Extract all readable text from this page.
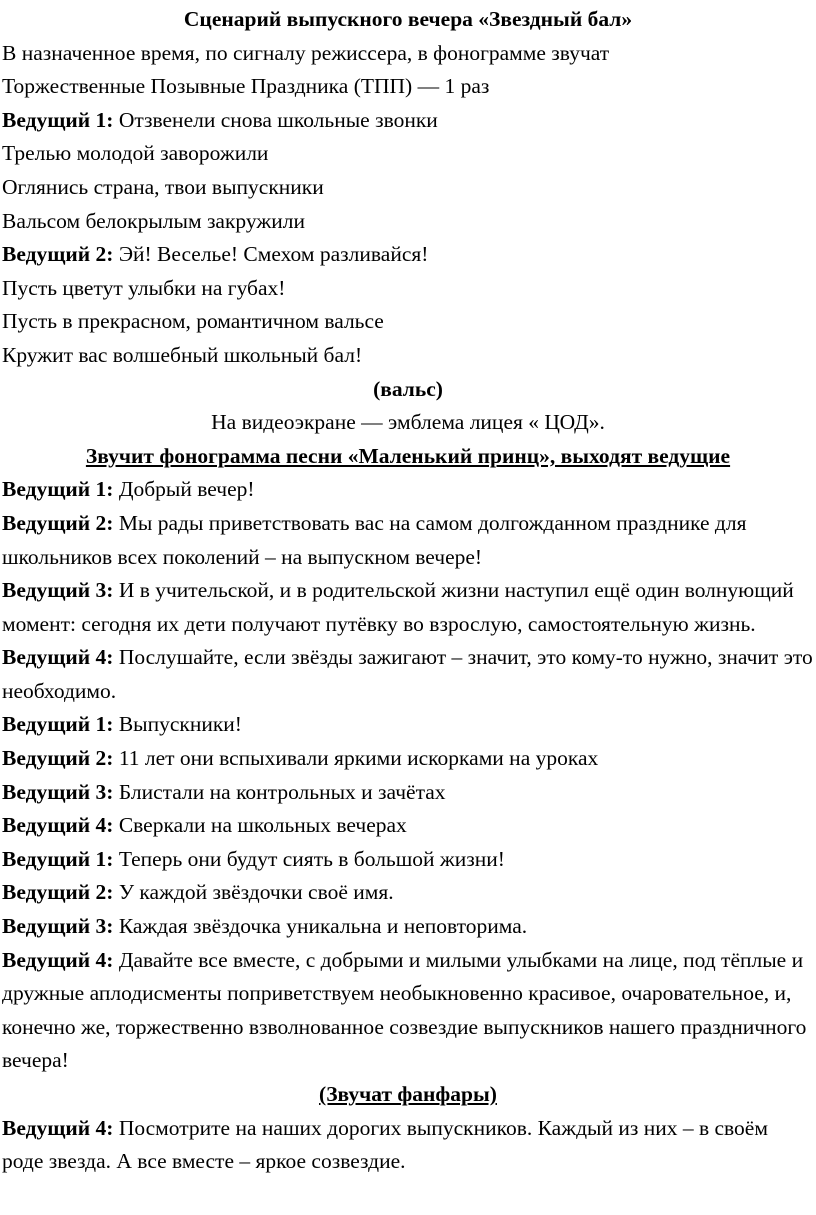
Сценарий выпускного вечера «Звездный бал»
В назначенное время, по сигналу режиссера, в фонограмме звучат
Торжественные Позывные Праздника (ТПП) — 1 раз
Ведущий 1: Отзвенели снова школьные звонки
Трелью молодой заворожили
Оглянись страна, твои выпускники
Вальсом белокрылым закружили
Ведущий 2: Эй! Веселье! Смехом разливайся!
Пусть цветут улыбки на губах!
Пусть в прекрасном, романтичном вальсе
Кружит вас волшебный школьный бал!
(вальс)
На видеоэкране — эмблема лицея « ЦОД».
Звучит фонограмма песни «Маленький принц», выходят ведущие
Ведущий 1: Добрый вечер!
Ведущий 2: Мы рады приветствовать вас на самом долгожданном празднике для школьников всех поколений – на выпускном вечере!
Ведущий 3: И в учительской, и в родительской жизни наступил ещё один волнующий момент: сегодня их дети получают путёвку во взрослую, самостоятельную жизнь.
Ведущий 4: Послушайте, если звёзды зажигают – значит, это кому-то нужно, значит это необходимо.
Ведущий 1: Выпускники!
Ведущий 2: 11 лет они вспыхивали яркими искорками на уроках
Ведущий 3: Блистали на контрольных и зачётах
Ведущий 4: Сверкали на школьных вечерах
Ведущий 1: Теперь они будут сиять в большой жизни!
Ведущий 2: У каждой звёздочки своё имя.
Ведущий 3: Каждая звёздочка уникальна и неповторима.
Ведущий 4: Давайте все вместе, с добрыми и милыми улыбками на лице, под тёплые и дружные аплодисменты поприветствуем необыкновенно красивое, очаровательное, и, конечно же, торжественно взволнованное созвездие выпускников нашего праздничного вечера!
(Звучат фанфары)
Ведущий 4: Посмотрите на наших дорогих выпускников. Каждый из них – в своём роде звезда. А все вместе – яркое созвездие.
